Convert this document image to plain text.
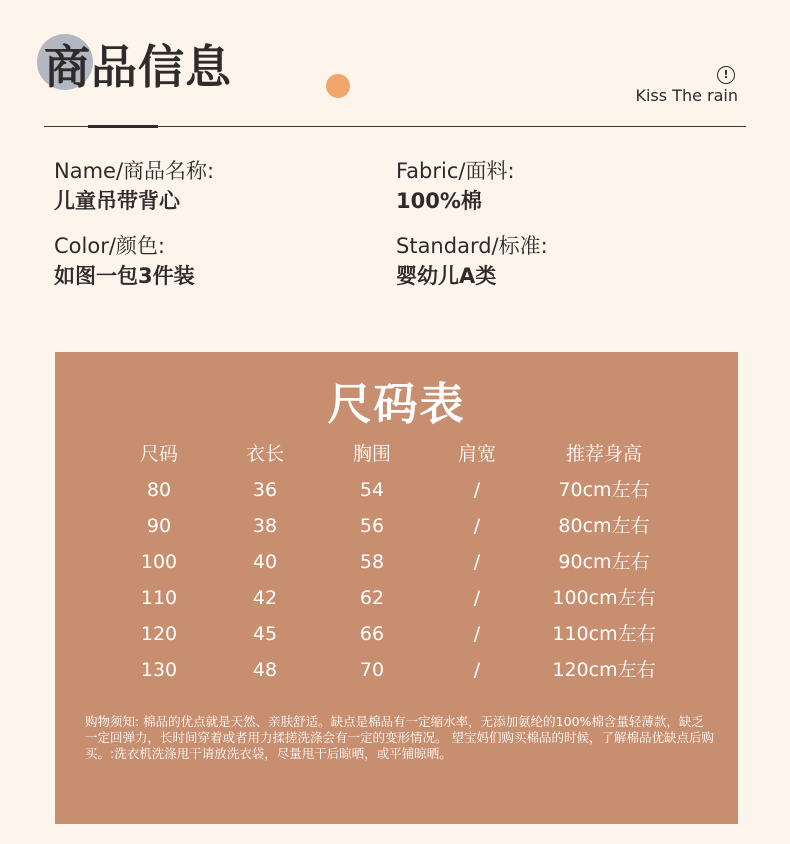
商品信息	!
Kiss The rain
Name/商品名称:
儿童吊带背心
Fabric/面料:
100%棉
Color/颜色:
如图一包3件装
Standard/标准:
婴幼儿A类
尺码表
尺码	衣长	胸围	肩宽	推荐身高
80	36	54	/	70cm左右
90	38	56	/	80cm左右
100	40	58	/	90cm左右
110	42	62	/	100cm左右
120	45	66	/	110cm左右
130	48	70	/	120cm左右
购物须知: 棉品的优点就是天然、亲肤舒适。缺点是棉品有一定缩水率，无添加氨纶的100%棉含量轻薄款，缺乏一定回弹力，长时间穿着或者用力揉搓洗涤会有一定的变形情况。 望宝妈们购买棉品的时候，了解棉品优缺点后购买。:洗衣机洗涤甩干请放洗衣袋，尽量甩干后晾晒，或平铺晾晒。
